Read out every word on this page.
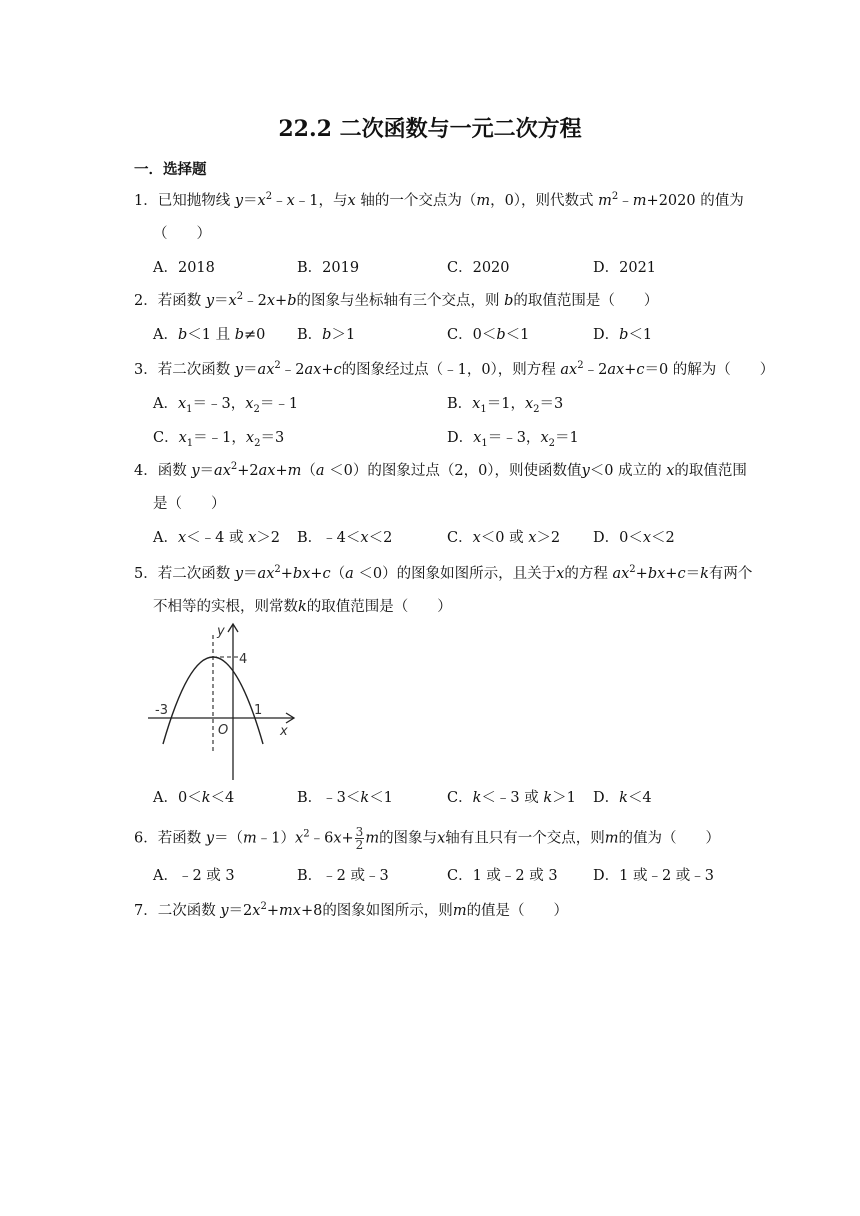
22.2 二次函数与一元二次方程
一．选择题
1．已知抛物线 $y=x^2﹣x﹣1$，与x 轴的一个交点为（m，0），则代数式 $m^2﹣m+2020$ 的值为
（　　）
A．2018	B．2019	C．2020	D．2021
2．若函数 $y=x^2﹣2x+b$的图象与坐标轴有三个交点，则 b的取值范围是（　　）
A．b＜1 且 b≠0 B．b＞1	C．0＜b＜1	D．b＜1
3．若二次函数 $y=ax^2﹣2ax+c$的图象经过点（﹣1，0），则方程 $ax^2﹣2ax+c=0$ 的解为（　　）
A．$x_1=﹣3$，$x_2=﹣1$	B．$x_1=1$，$x_2=3$
C．$x_1=﹣1$，$x_2=3$	D．$x_1=﹣3$，$x_2=1$
4．函数 $y=ax^2+2ax+m(a <0)$的图象过点（2，0），则使函数值y＜0 成立的 x的取值范围
是（　　）
A．x＜﹣4 或 x＞2 B．﹣4＜x＜2	C．x＜0 或 x＞2 D．0＜x＜2
5．若二次函数 $y=ax^2+bx+c(a <0)$的图象如图所示，且关于x的方程 $ax^2+bx+c=k$有两个
不相等的实根，则常数k的取值范围是（　　）
y
x
O
4
-3	1
A．0＜k＜4	B．﹣3＜k＜1	C．k＜﹣3 或 k＞1 D．k＜4
6．若函数 $y=(m﹣1)x^2﹣6x+ \frac{3}{2}$ m的图象与x轴有且只有一个交点，则m的值为（　　）
A．﹣2 或 3	B．﹣2 或﹣3	C．1 或﹣2 或 3 D．1 或﹣2 或﹣3
7．二次函数 $y=2x^2+mx+8$的图象如图所示，则m的值是（　　）
